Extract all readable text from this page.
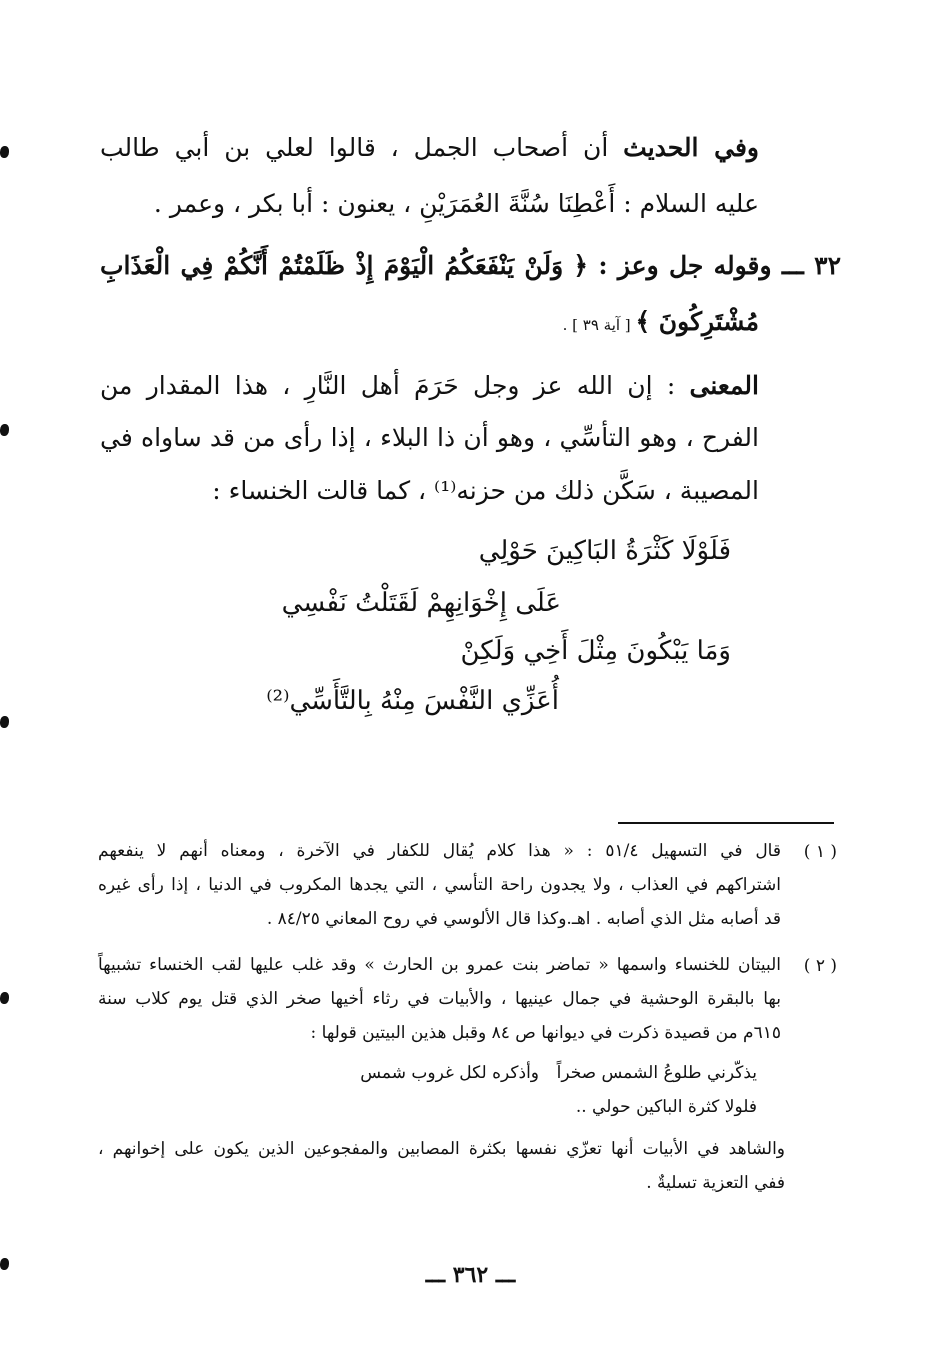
وفي الحديث أن أصحاب الجمل ، قالوا لعلي بن أبي طالب
عليه السلام : أَعْطِنَا سُنَّةَ العُمَرَيْنِ ، يعنون : أبا بكر ، وعمر .
٣٢ ـــ وقوله جل وعز : ﴿ وَلَنْ يَنْفَعَكُمُ الْيَوْمَ إِذْ ظَلَمْتُمْ أَنَّكُمْ فِي الْعَذَابِ
مُشْتَرِكُونَ ﴾ [ آية ٣٩ ] .
المعنى : إن الله عز وجل حَرَمَ أهل النَّارِ ، هذا المقدار من
الفرح ، وهو التأسِّي ، وهو أن ذا البلاء ، إذا رأى من قد ساواه في
المصيبة ، سَكَّن ذلك من حزنه⁽¹⁾ ، كما قالت الخنساء :
فَلَوْلَا كَثْرَةُ البَاكِينَ حَوْلِي
عَلَى إِخْوَانِهِمْ لَقَتَلْتُ نَفْسِي
وَمَا يَبْكُونَ مِثْلَ أَخِي وَلَكِنْ
أُعَزِّي النَّفْسَ مِنْهُ بِالتَّأَسِّي⁽²⁾
( ١ )
قال في التسهيل ٥١/٤ : « هذا كلام يُقال للكفار في الآخرة ، ومعناه أنهم لا ينفعهم
اشتراكهم في العذاب ، ولا يجدون راحة التأسي ، التي يجدها المكروب في الدنيا ، إذا رأى غيره
قد أصابه مثل الذي أصابه . اهـ.وكذا قال الألوسي في روح المعاني ٨٤/٢٥ .
( ٢ )
البيتان للخنساء واسمها « تماضر بنت عمرو بن الحارث » وقد غلب عليها لقب الخنساء تشبيهاً
بها بالبقرة الوحشية في جمال عينيها ، والأبيات في رثاء أخيها صخر الذي قتل يوم كلاب سنة
٦١٥م من قصيدة ذكرت في ديوانها ص ٨٤ وقبل هذين البيتين قولها :
يذكّرني طلوعُ الشمس صخراً
وأذكره لكل غروب شمس
فلولا كثرة الباكين حولي ..
والشاهد في الأبيات أنها تعزّي نفسها بكثرة المصابين والمفجوعين الذين يكون على إخوانهم ،
ففي التعزية تسليةٌ .
ـــ ٣٦٢ ـــ
